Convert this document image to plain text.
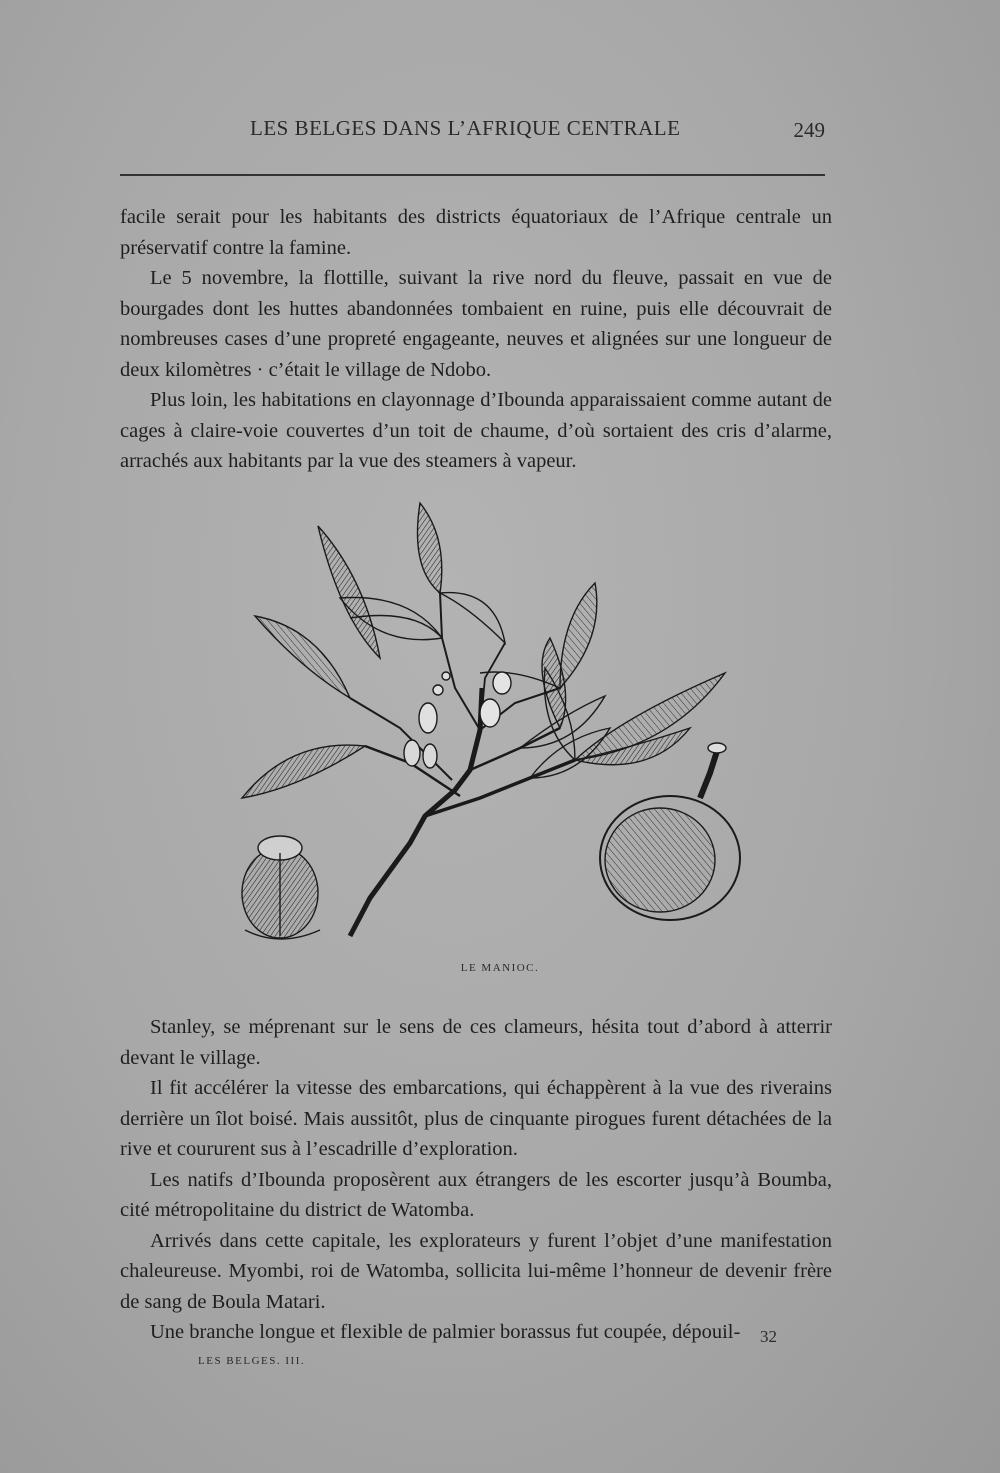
LES BELGES DANS L’AFRIQUE CENTRALE	249

facile serait pour les habitants des districts équatoriaux de l’Afrique centrale un préservatif contre la famine.

Le 5 novembre, la flottille, suivant la rive nord du fleuve, passait en vue de bourgades dont les huttes abandonnées tombaient en ruine, puis elle découvrait de nombreuses cases d’une propreté engageante, neuves et alignées sur une longueur de deux kilomètres · c’était le village de Ndobo.

Plus loin, les habitations en clayonnage d’Ibounda apparaissaient comme autant de cages à claire-voie couvertes d’un toit de chaume, d’où sortaient des cris d’alarme, arrachés aux habitants par la vue des steamers à vapeur.

LE MANIOC.

Stanley, se méprenant sur le sens de ces clameurs, hésita tout d’abord à atterrir devant le village.

Il fit accélérer la vitesse des embarcations, qui échappèrent à la vue des riverains derrière un îlot boisé. Mais aussitôt, plus de cinquante pirogues furent détachées de la rive et coururent sus à l’escadrille d’exploration.

Les natifs d’Ibounda proposèrent aux étrangers de les escorter jusqu’à Boumba, cité métropolitaine du district de Watomba.

Arrivés dans cette capitale, les explorateurs y furent l’objet d’une manifestation chaleureuse. Myombi, roi de Watomba, sollicita lui-même l’honneur de devenir frère de sang de Boula Matari.

Une branche longue et flexible de palmier borassus fut coupée, dépouil-	32
LES BELGES. III.
